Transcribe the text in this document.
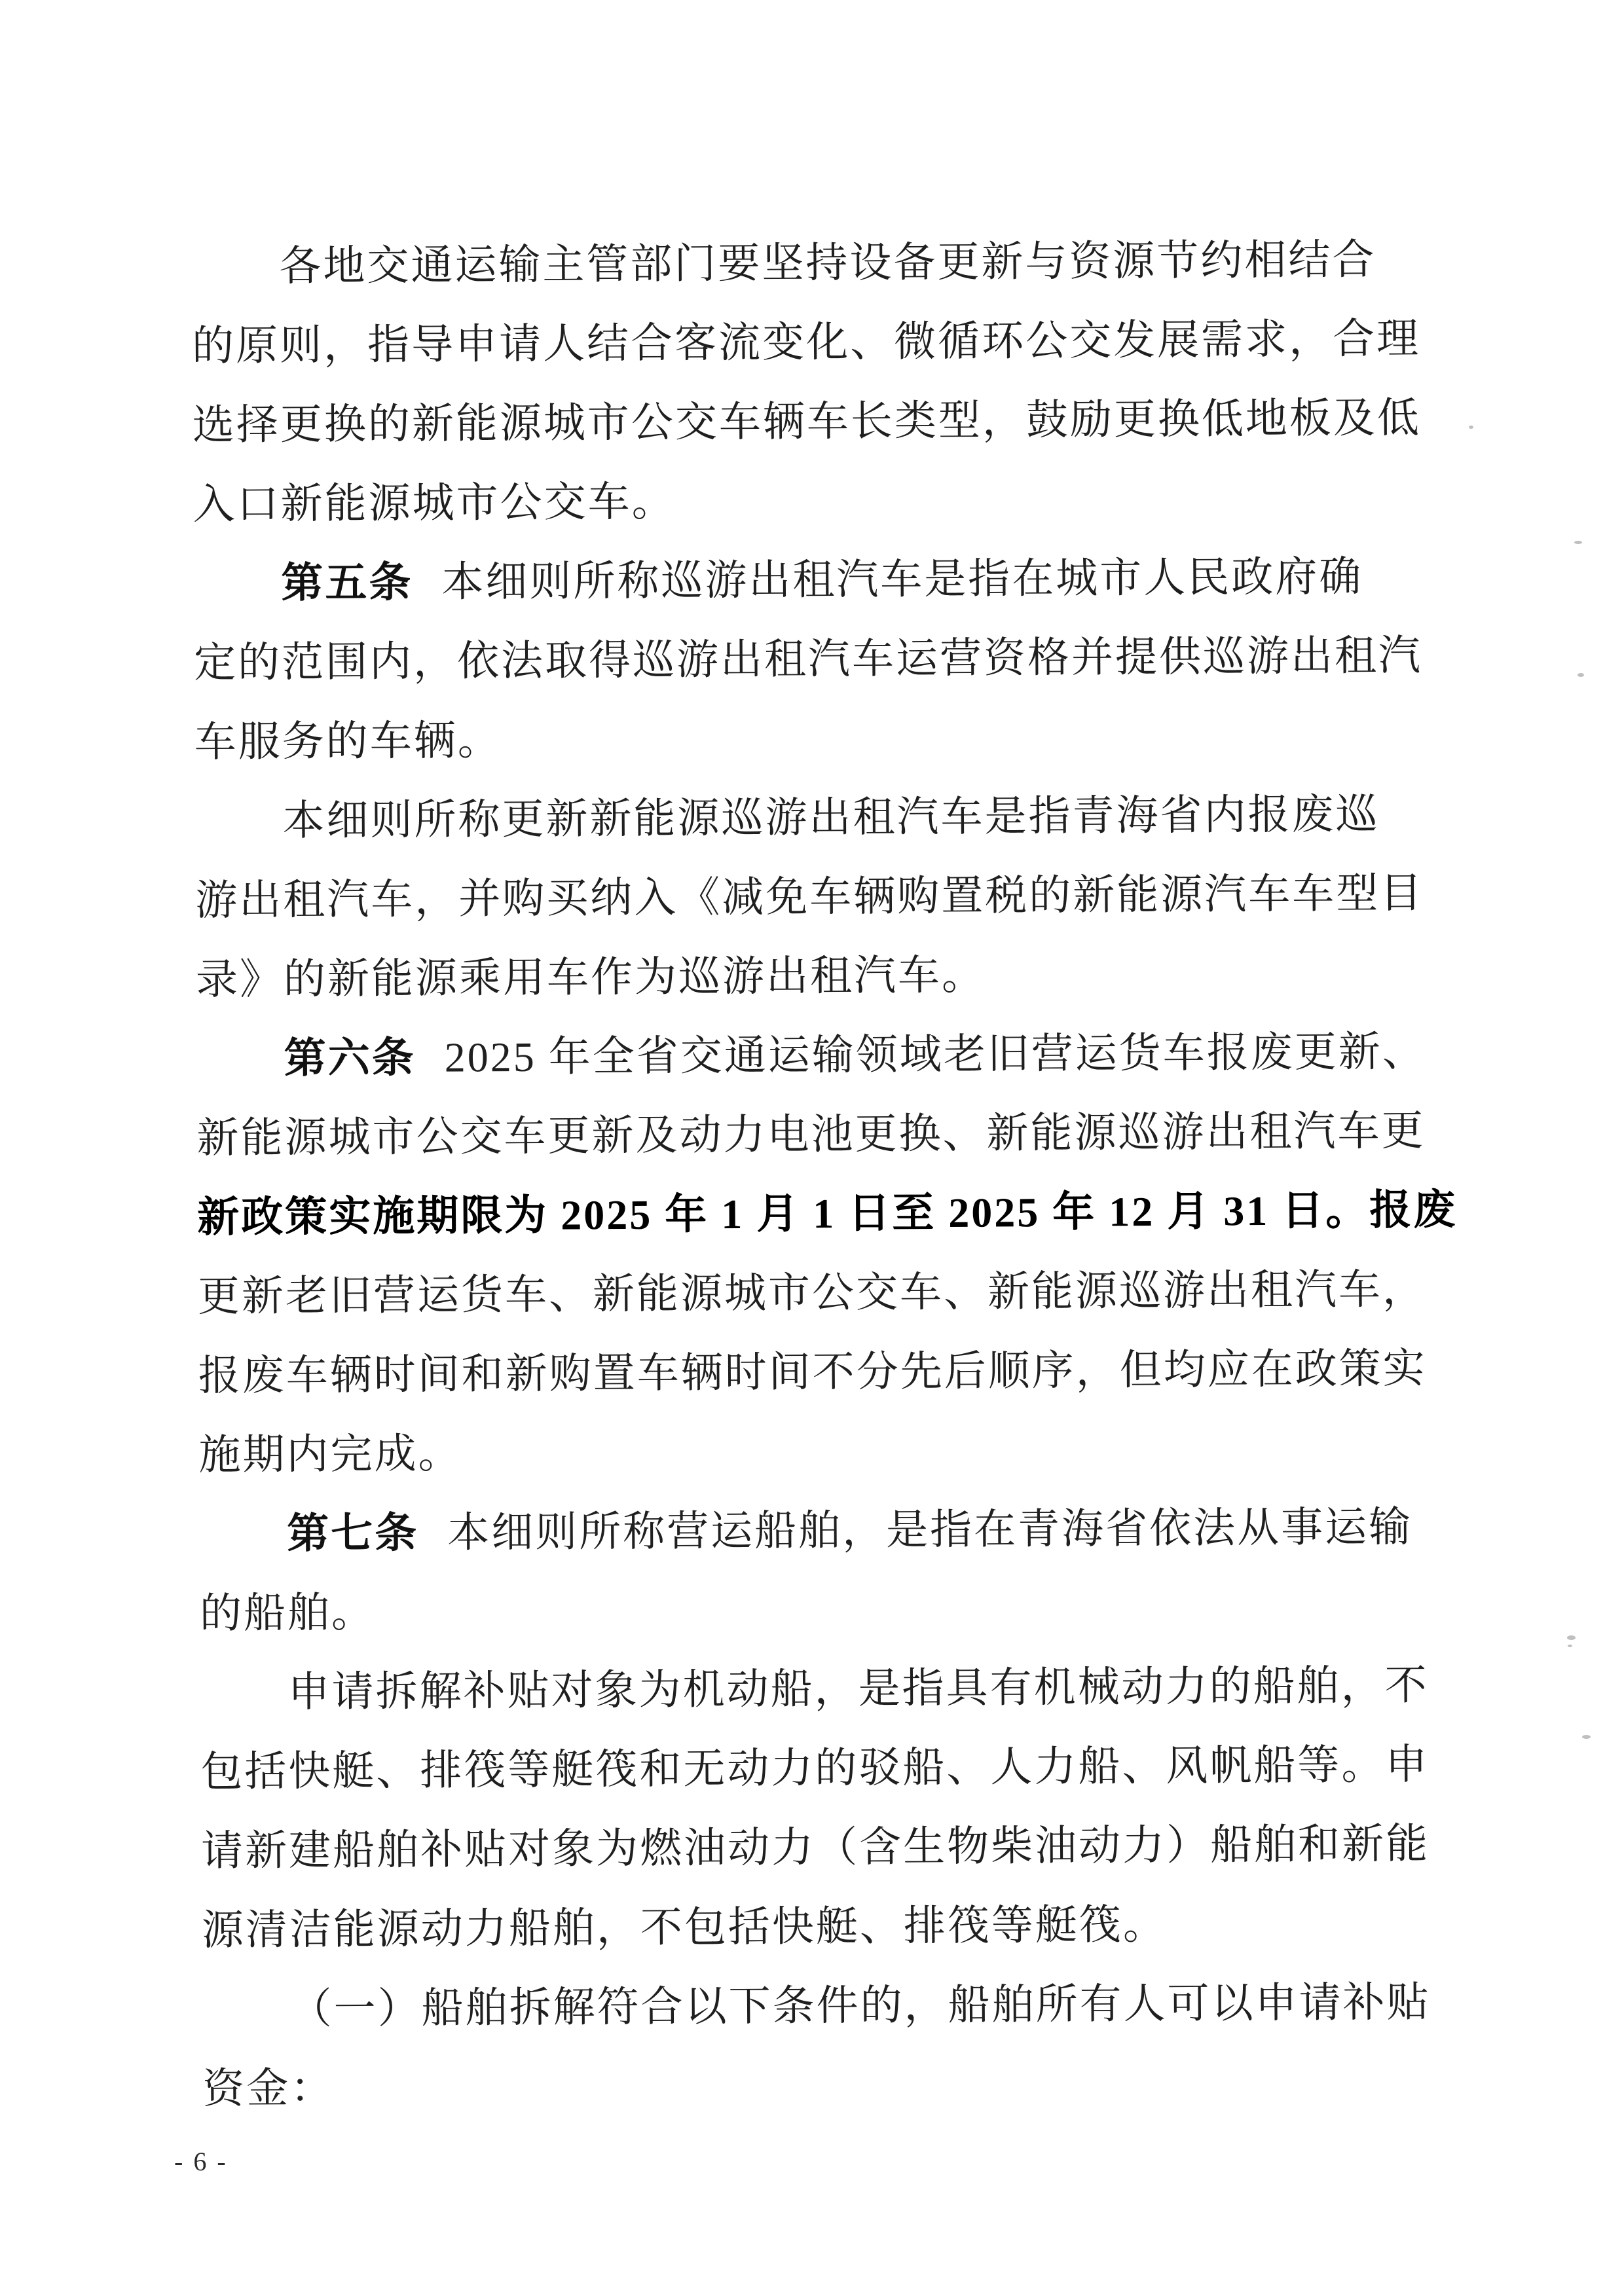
各地交通运输主管部门要坚持设备更新与资源节约相结合
的原则，指导申请人结合客流变化、微循环公交发展需求，合理
选择更换的新能源城市公交车辆车长类型，鼓励更换低地板及低
入口新能源城市公交车。
第五条 本细则所称巡游出租汽车是指在城市人民政府确
定的范围内，依法取得巡游出租汽车运营资格并提供巡游出租汽
车服务的车辆。
本细则所称更新新能源巡游出租汽车是指青海省内报废巡
游出租汽车，并购买纳入《减免车辆购置税的新能源汽车车型目
录》的新能源乘用车作为巡游出租汽车。
第六条 2025 年全省交通运输领域老旧营运货车报废更新、
新能源城市公交车更新及动力电池更换、新能源巡游出租汽车更
新政策实施期限为 2025 年 1 月 1 日至 2025 年 12 月 31 日。报废
更新老旧营运货车、新能源城市公交车、新能源巡游出租汽车，
报废车辆时间和新购置车辆时间不分先后顺序，但均应在政策实
施期内完成。
第七条 本细则所称营运船舶，是指在青海省依法从事运输
的船舶。
申请拆解补贴对象为机动船，是指具有机械动力的船舶，不
包括快艇、排筏等艇筏和无动力的驳船、人力船、风帆船等。申
请新建船舶补贴对象为燃油动力（含生物柴油动力）船舶和新能
源清洁能源动力船舶，不包括快艇、排筏等艇筏。
（一）船舶拆解符合以下条件的，船舶所有人可以申请补贴
资金：
- 6 -
